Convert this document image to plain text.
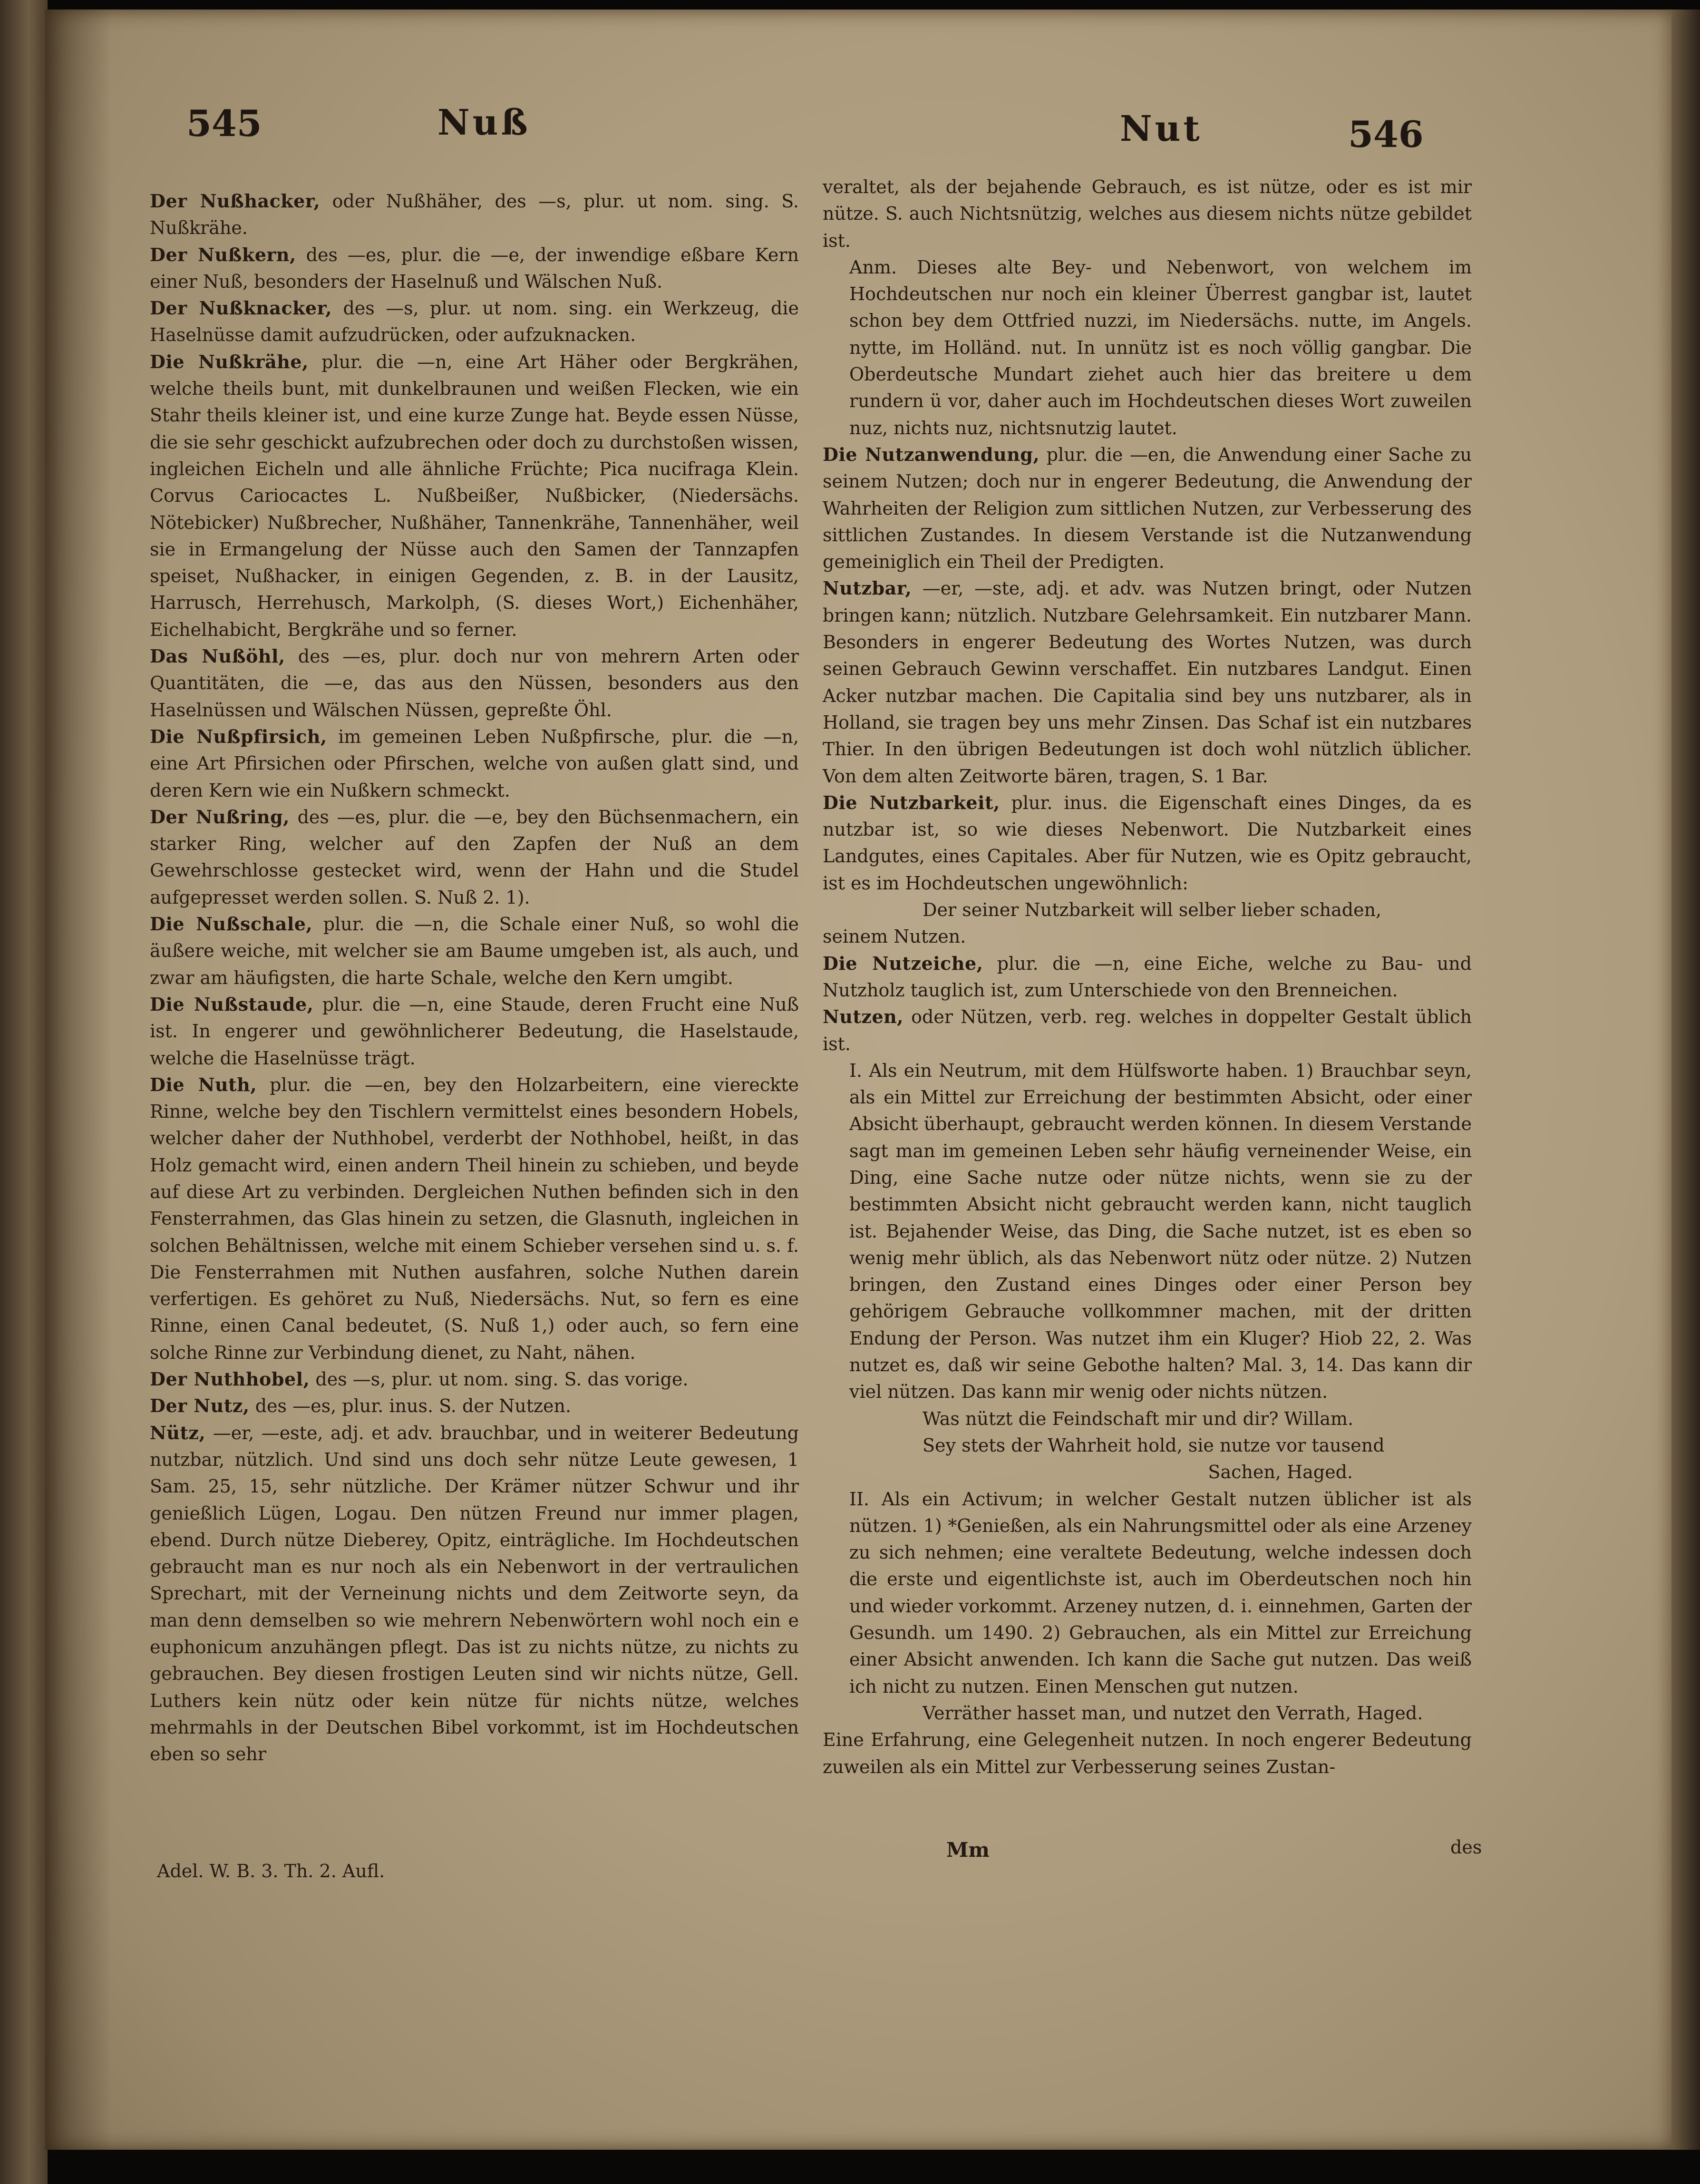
545	Nuß	Nut	546

Der Nußhacker, oder Nußhäher, des —s, plur. ut nom. sing. S. Nußkrähe.

Der Nußkern, des —es, plur. die —e, der inwendige eßbare Kern einer Nuß, besonders der Haselnuß und Wälschen Nuß.

Der Nußknacker, des —s, plur. ut nom. sing. ein Werkzeug, die Haselnüsse damit aufzudrücken, oder aufzuknacken.

Die Nußkrähe, plur. die —n, eine Art Häher oder Bergkrähen, welche theils bunt, mit dunkelbraunen und weißen Flecken, wie ein Stahr theils kleiner ist, und eine kurze Zunge hat. Beyde essen Nüsse, die sie sehr geschickt aufzubrechen oder doch zu durchstoßen wissen, ingleichen Eicheln und alle ähnliche Früchte; Pica nucifraga Klein. Corvus Cariocactes L. Nußbeißer, Nußbicker, (Niedersächs. Nötebicker) Nußbrecher, Nußhäher, Tannenkrähe, Tannenhäher, weil sie in Ermangelung der Nüsse auch den Samen der Tannzapfen speiset, Nußhacker, in einigen Gegenden, z. B. in der Lausitz, Harrusch, Herrehusch, Markolph, (S. dieses Wort,) Eichenhäher, Eichelhabicht, Bergkrähe und so ferner.

Das Nußöhl, des —es, plur. doch nur von mehrern Arten oder Quantitäten, die —e, das aus den Nüssen, besonders aus den Haselnüssen und Wälschen Nüssen, gepreßte Öhl.

Die Nußpfirsich, im gemeinen Leben Nußpfirsche, plur. die —n, eine Art Pfirsichen oder Pfirschen, welche von außen glatt sind, und deren Kern wie ein Nußkern schmeckt.

Der Nußring, des —es, plur. die —e, bey den Büchsenmachern, ein starker Ring, welcher auf den Zapfen der Nuß an dem Gewehrschlosse gestecket wird, wenn der Hahn und die Studel aufgepresset werden sollen. S. Nuß 2. 1).

Die Nußschale, plur. die —n, die Schale einer Nuß, so wohl die äußere weiche, mit welcher sie am Baume umgeben ist, als auch, und zwar am häufigsten, die harte Schale, welche den Kern umgibt.

Die Nußstaude, plur. die —n, eine Staude, deren Frucht eine Nuß ist. In engerer und gewöhnlicherer Bedeutung, die Haselstaude, welche die Haselnüsse trägt.

Die Nuth, plur. die —en, bey den Holzarbeitern, eine viereckte Rinne, welche bey den Tischlern vermittelst eines besondern Hobels, welcher daher der Nuthhobel, verderbt der Nothhobel, heißt, in das Holz gemacht wird, einen andern Theil hinein zu schieben, und beyde auf diese Art zu verbinden. Dergleichen Nuthen befinden sich in den Fensterrahmen, das Glas hinein zu setzen, die Glasnuth, ingleichen in solchen Behältnissen, welche mit einem Schieber versehen sind u. s. f. Die Fensterrahmen mit Nuthen ausfahren, solche Nuthen darein verfertigen. Es gehöret zu Nuß, Niedersächs. Nut, so fern es eine Rinne, einen Canal bedeutet, (S. Nuß 1,) oder auch, so fern eine solche Rinne zur Verbindung dienet, zu Naht, nähen.

Der Nuthhobel, des —s, plur. ut nom. sing. S. das vorige.

Der Nutz, des —es, plur. inus. S. der Nutzen.

Nütz, —er, —este, adj. et adv. brauchbar, und in weiterer Bedeutung nutzbar, nützlich. Und sind uns doch sehr nütze Leute gewesen, 1 Sam. 25, 15, sehr nützliche. Der Krämer nützer Schwur und ihr genießlich Lügen, Logau. Den nützen Freund nur immer plagen, ebend. Durch nütze Dieberey, Opitz, einträgliche. Im Hochdeutschen gebraucht man es nur noch als ein Nebenwort in der vertraulichen Sprechart, mit der Verneinung nichts und dem Zeitworte seyn, da man denn demselben so wie mehrern Nebenwörtern wohl noch ein e euphonicum anzuhängen pflegt. Das ist zu nichts nütze, zu nichts zu gebrauchen. Bey diesen frostigen Leuten sind wir nichts nütze, Gell. Luthers kein nütz oder kein nütze für nichts nütze, welches mehrmahls in der Deutschen Bibel vorkommt, ist im Hochdeutschen eben so sehr

Adel. W. B. 3. Th. 2. Aufl.

veraltet, als der bejahende Gebrauch, es ist nütze, oder es ist mir nütze. S. auch Nichtsnützig, welches aus diesem nichts nütze gebildet ist.

Anm. Dieses alte Bey- und Nebenwort, von welchem im Hochdeutschen nur noch ein kleiner Überrest gangbar ist, lautet schon bey dem Ottfried nuzzi, im Niedersächs. nutte, im Angels. nytte, im Holländ. nut. In unnütz ist es noch völlig gangbar. Die Oberdeutsche Mundart ziehet auch hier das breitere u dem rundern ü vor, daher auch im Hochdeutschen dieses Wort zuweilen nuz, nichts nuz, nichtsnutzig lautet.

Die Nutzanwendung, plur. die —en, die Anwendung einer Sache zu seinem Nutzen; doch nur in engerer Bedeutung, die Anwendung der Wahrheiten der Religion zum sittlichen Nutzen, zur Verbesserung des sittlichen Zustandes. In diesem Verstande ist die Nutzanwendung gemeiniglich ein Theil der Predigten.

Nutzbar, —er, —ste, adj. et adv. was Nutzen bringt, oder Nutzen bringen kann; nützlich. Nutzbare Gelehrsamkeit. Ein nutzbarer Mann. Besonders in engerer Bedeutung des Wortes Nutzen, was durch seinen Gebrauch Gewinn verschaffet. Ein nutzbares Landgut. Einen Acker nutzbar machen. Die Capitalia sind bey uns nutzbarer, als in Holland, sie tragen bey uns mehr Zinsen. Das Schaf ist ein nutzbares Thier. In den übrigen Bedeutungen ist doch wohl nützlich üblicher. Von dem alten Zeitworte bären, tragen, S. 1 Bar.

Die Nutzbarkeit, plur. inus. die Eigenschaft eines Dinges, da es nutzbar ist, so wie dieses Nebenwort. Die Nutzbarkeit eines Landgutes, eines Capitales. Aber für Nutzen, wie es Opitz gebraucht, ist es im Hochdeutschen ungewöhnlich:

Der seiner Nutzbarkeit will selber lieber schaden,

seinem Nutzen.

Die Nutzeiche, plur. die —n, eine Eiche, welche zu Bau- und Nutzholz tauglich ist, zum Unterschiede von den Brenneichen.

Nutzen, oder Nützen, verb. reg. welches in doppelter Gestalt üblich ist.

I. Als ein Neutrum, mit dem Hülfsworte haben. 1) Brauchbar seyn, als ein Mittel zur Erreichung der bestimmten Absicht, oder einer Absicht überhaupt, gebraucht werden können. In diesem Verstande sagt man im gemeinen Leben sehr häufig verneinender Weise, ein Ding, eine Sache nutze oder nütze nichts, wenn sie zu der bestimmten Absicht nicht gebraucht werden kann, nicht tauglich ist. Bejahender Weise, das Ding, die Sache nutzet, ist es eben so wenig mehr üblich, als das Nebenwort nütz oder nütze. 2) Nutzen bringen, den Zustand eines Dinges oder einer Person bey gehörigem Gebrauche vollkommner machen, mit der dritten Endung der Person. Was nutzet ihm ein Kluger? Hiob 22, 2. Was nutzet es, daß wir seine Gebothe halten? Mal. 3, 14. Das kann dir viel nützen. Das kann mir wenig oder nichts nützen.

Was nützt die Feindschaft mir und dir? Willam.

Sey stets der Wahrheit hold, sie nutze vor tausend

Sachen, Haged.

II. Als ein Activum; in welcher Gestalt nutzen üblicher ist als nützen. 1) *Genießen, als ein Nahrungsmittel oder als eine Arzeney zu sich nehmen; eine veraltete Bedeutung, welche indessen doch die erste und eigentlichste ist, auch im Oberdeutschen noch hin und wieder vorkommt. Arzeney nutzen, d. i. einnehmen, Garten der Gesundh. um 1490. 2) Gebrauchen, als ein Mittel zur Erreichung einer Absicht anwenden. Ich kann die Sache gut nutzen. Das weiß ich nicht zu nutzen. Einen Menschen gut nutzen.

Verräther hasset man, und nutzet den Verrath, Haged.

Eine Erfahrung, eine Gelegenheit nutzen. In noch engerer Bedeutung zuweilen als ein Mittel zur Verbesserung seines Zustan-

Mm	des
